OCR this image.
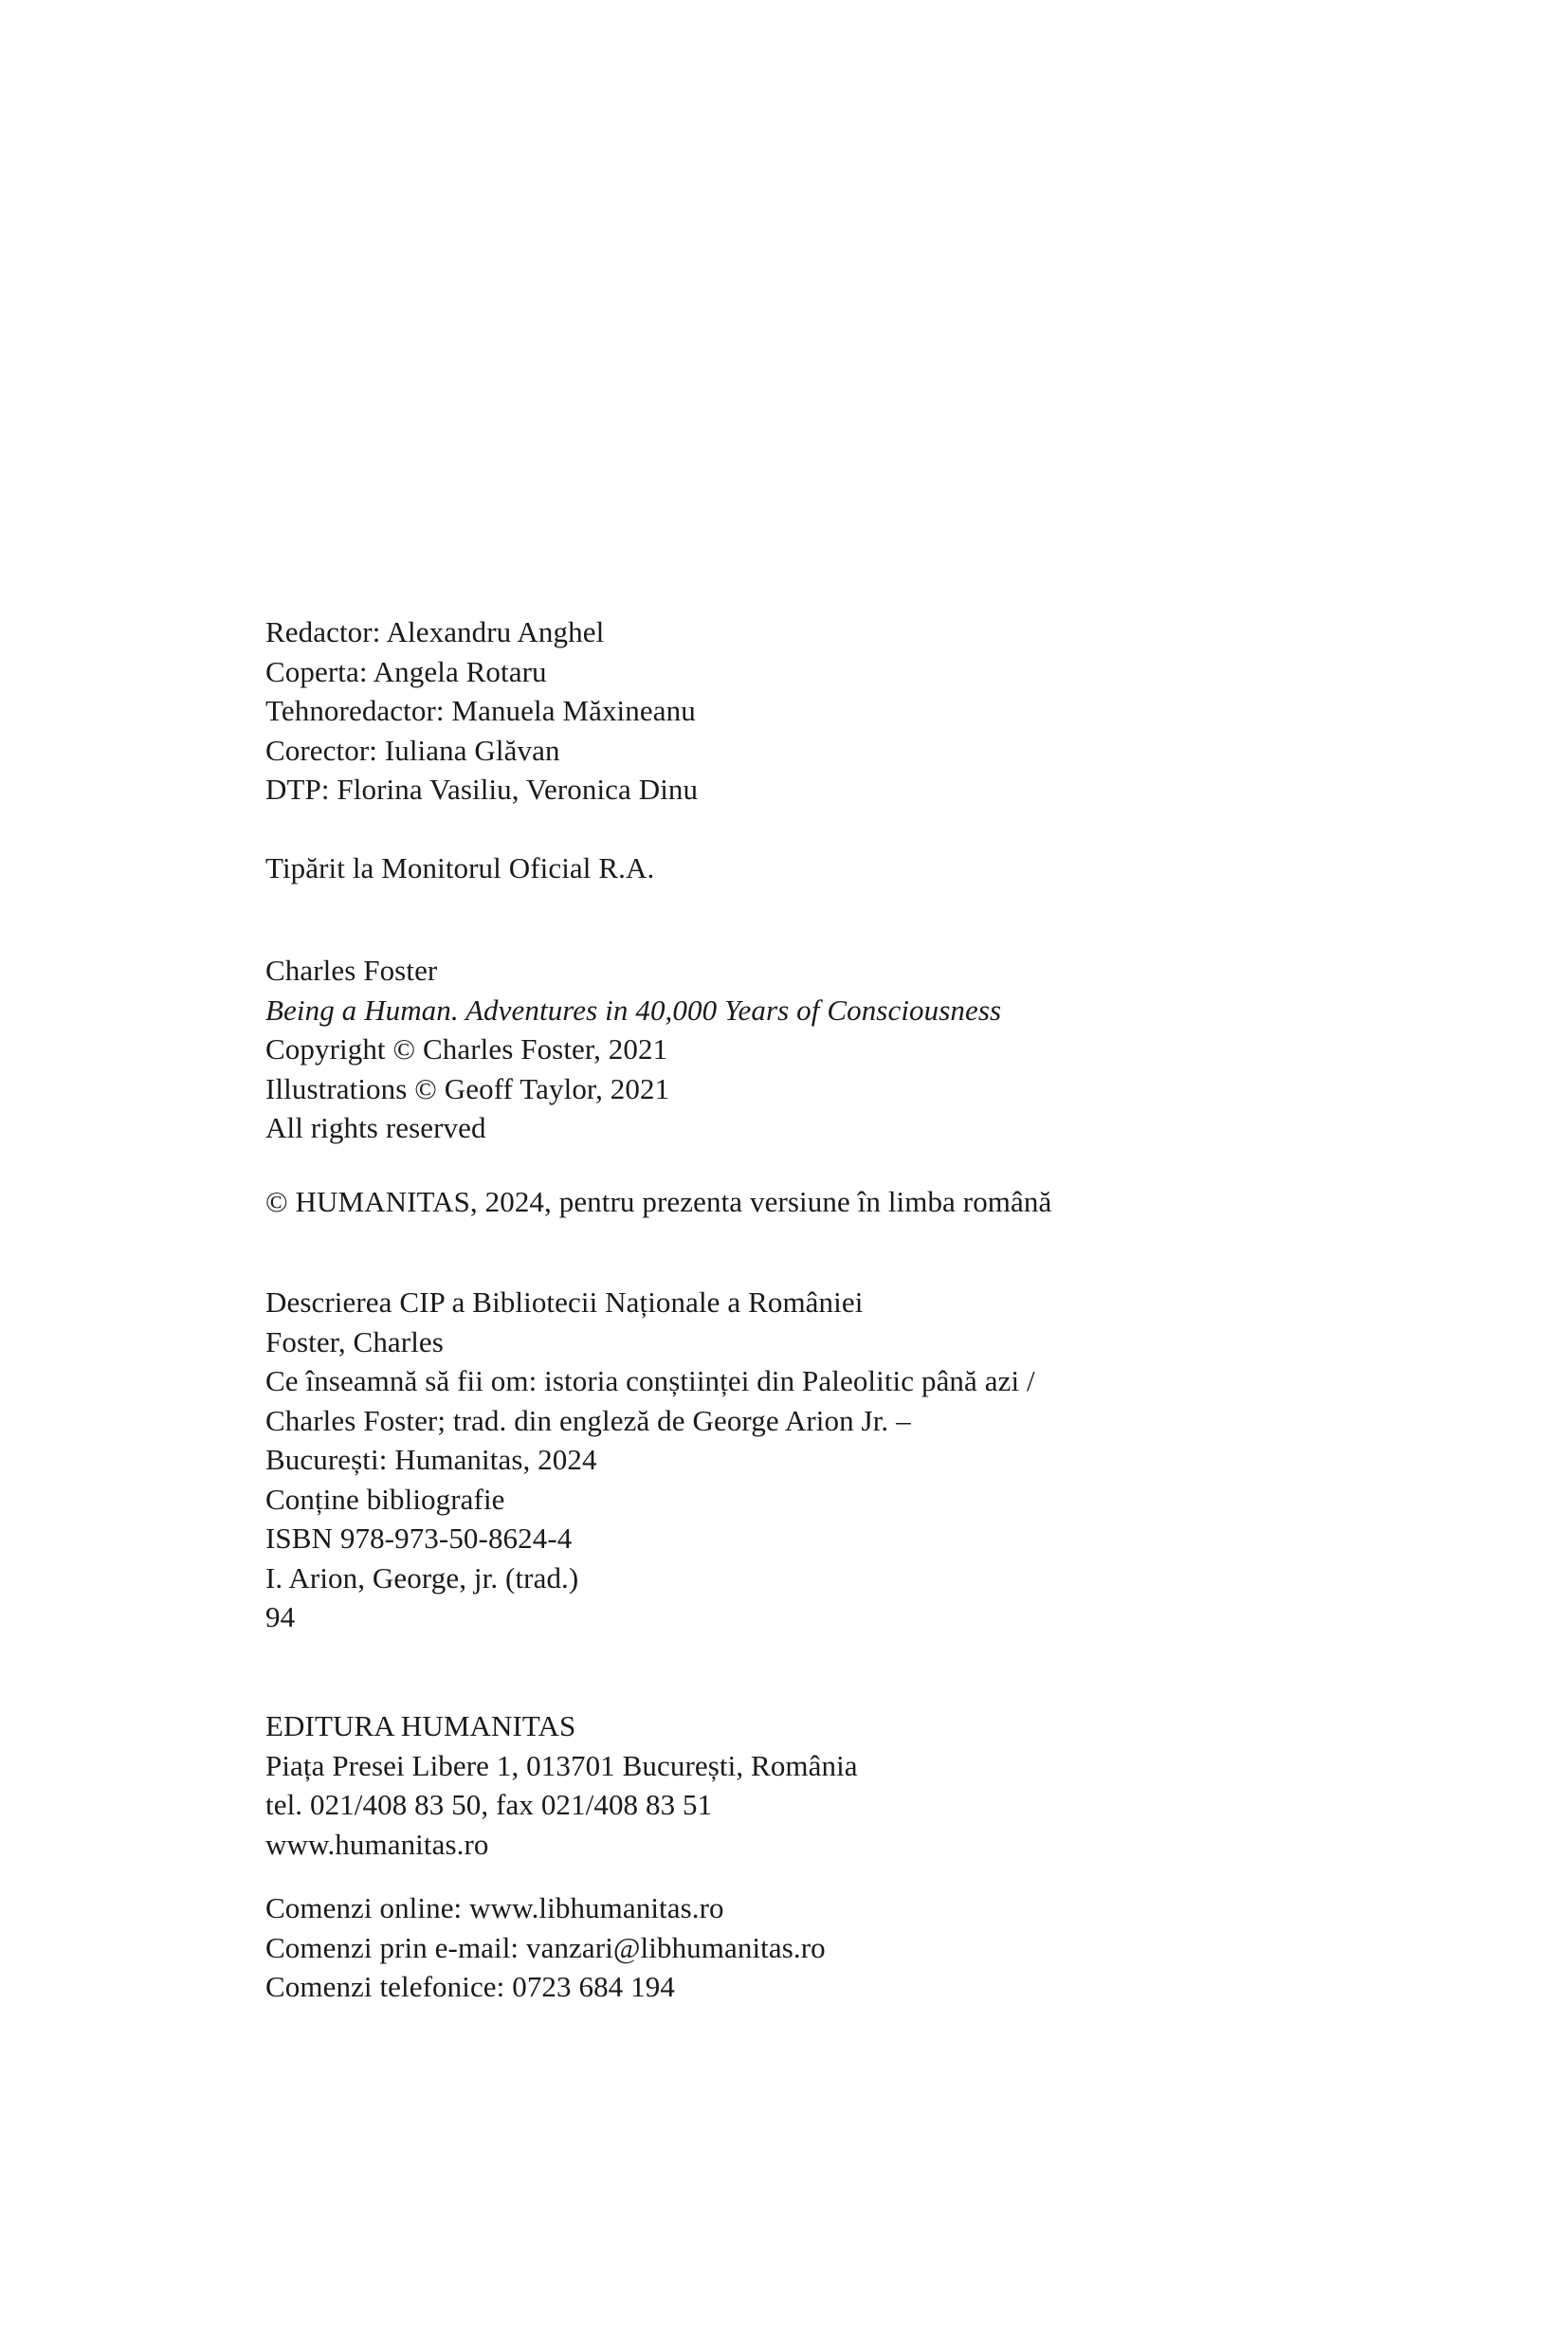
Redactor: Alexandru Anghel
Coperta: Angela Rotaru
Tehnoredactor: Manuela Măxineanu
Corector: Iuliana Glăvan
DTP: Florina Vasiliu, Veronica Dinu
Tipărit la Monitorul Oficial R.A.
Charles Foster
Being a Human. Adventures in 40,000 Years of Consciousness
Copyright © Charles Foster, 2021
Illustrations © Geoff Taylor, 2021
All rights reserved
© HUMANITAS, 2024, pentru prezenta versiune în limba română
Descrierea CIP a Bibliotecii Naționale a României
Foster, Charles
Ce înseamnă să fii om: istoria conștiinței din Paleolitic până azi /
Charles Foster; trad. din engleză de George Arion Jr. –
București: Humanitas, 2024
Conține bibliografie
ISBN 978-973-50-8624-4
I. Arion, George, jr. (trad.)
94
EDITURA HUMANITAS
Piața Presei Libere 1, 013701 București, România
tel. 021/408 83 50, fax 021/408 83 51
www.humanitas.ro
Comenzi online: www.libhumanitas.ro
Comenzi prin e-mail: vanzari@libhumanitas.ro
Comenzi telefonice: 0723 684 194
